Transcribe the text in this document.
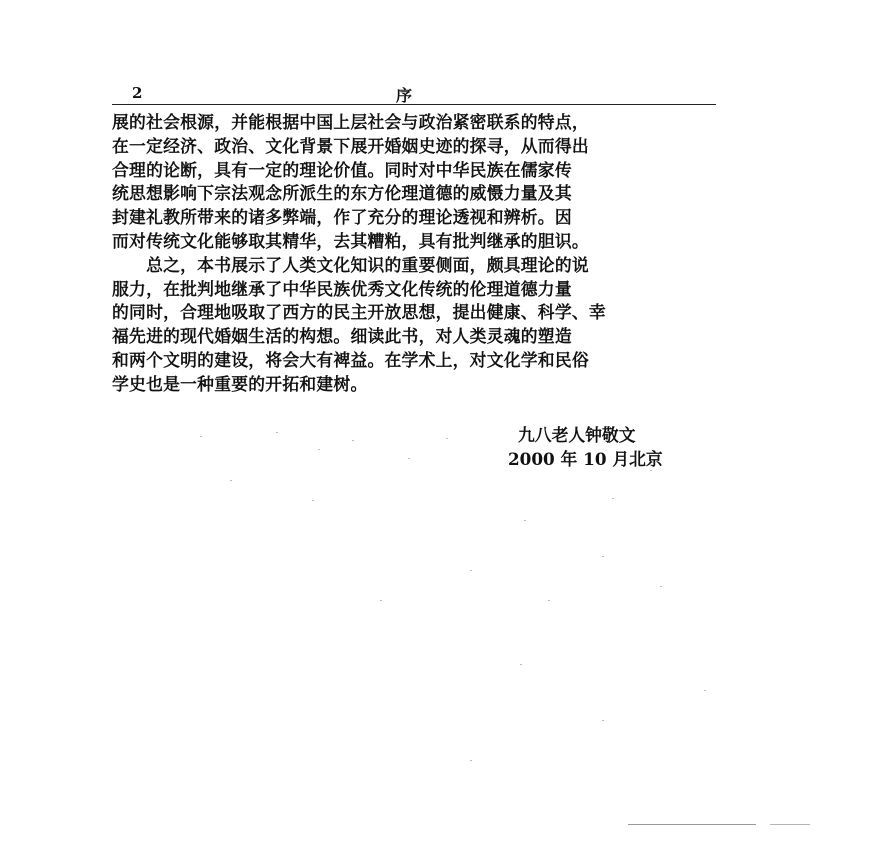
2	序
展的社会根源，并能根据中国上层社会与政治紧密联系的特点，
在一定经济、政治、文化背景下展开婚姻史迹的探寻，从而得出
合理的论断，具有一定的理论价值。同时对中华民族在儒家传
统思想影响下宗法观念所派生的东方伦理道德的威慑力量及其
封建礼教所带来的诸多弊端，作了充分的理论透视和辨析。因
而对传统文化能够取其精华，去其糟粕，具有批判继承的胆识。
　　总之，本书展示了人类文化知识的重要侧面，颇具理论的说
服力，在批判地继承了中华民族优秀文化传统的伦理道德力量
的同时，合理地吸取了西方的民主开放思想，提出健康、科学、幸
福先进的现代婚姻生活的构想。细读此书，对人类灵魂的塑造
和两个文明的建设，将会大有裨益。在学术上，对文化学和民俗
学史也是一种重要的开拓和建树。
九八老人钟敬文
2000 年 10 月北京
